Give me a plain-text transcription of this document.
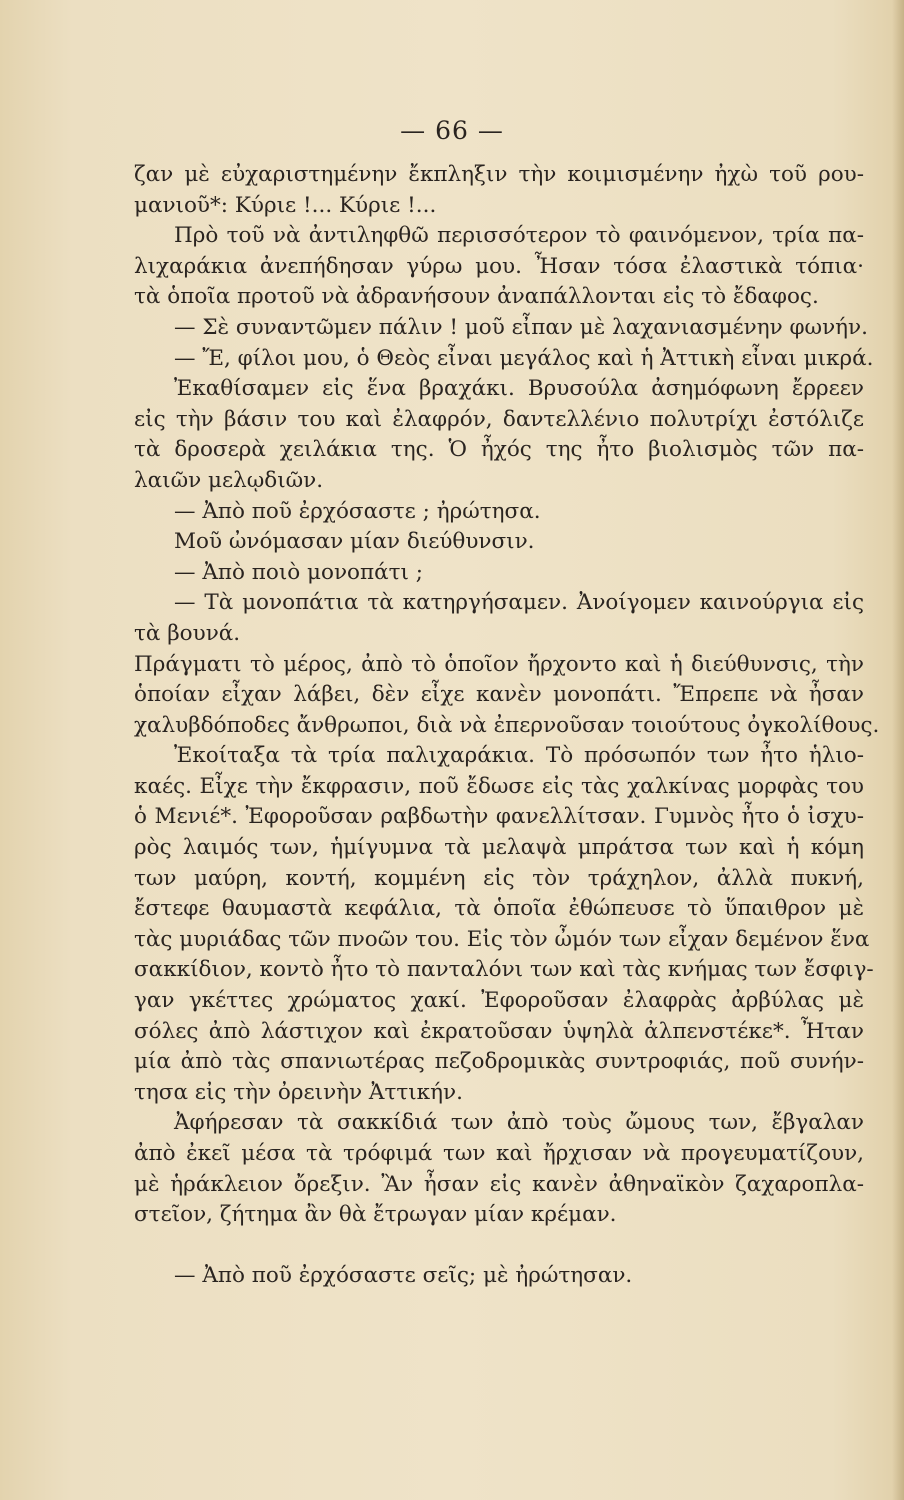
— 66 —
ζαν μὲ εὐχαριστημένην ἔκπληξιν τὴν κοιμισμένην ἠχὼ τοῦ ρου-
μανιοῦ*: Κύριε !... Κύριε !...
Πρὸ τοῦ νὰ ἀντιληφθῶ περισσότερον τὸ φαινόμενον, τρία πα-
λιχαράκια ἀνεπήδησαν γύρω μου. Ἦσαν τόσα ἐλαστικὰ τόπια·
τὰ ὁποῖα προτοῦ νὰ ἀδρανήσουν ἀναπάλλονται εἰς τὸ ἔδαφος.
— Σὲ συναντῶμεν πάλιν ! μοῦ εἶπαν μὲ λαχανιασμένην φωνήν.
— Ἔ, φίλοι μου, ὁ Θεὸς εἶναι μεγάλος καὶ ἡ Ἀττικὴ εἶναι μικρά.
Ἐκαθίσαμεν εἰς ἕνα βραχάκι. Βρυσούλα ἀσημόφωνη ἔρρεεν
εἰς τὴν βάσιν του καὶ ἐλαφρόν, δαντελλένιο πολυτρίχι ἐστόλιζε
τὰ δροσερὰ χειλάκια της. Ὁ ἦχός της ἦτο βιολισμὸς τῶν πα-
λαιῶν μελῳδιῶν.
— Ἀπὸ ποῦ ἐρχόσαστε ; ἠρώτησα.
Μοῦ ὠνόμασαν μίαν διεύθυνσιν.
— Ἀπὸ ποιὸ μονοπάτι ;
— Τὰ μονοπάτια τὰ κατηργήσαμεν. Ἀνοίγομεν καινούργια εἰς
τὰ βουνά.
Πράγματι τὸ μέρος, ἀπὸ τὸ ὁποῖον ἤρχοντο καὶ ἡ διεύθυνσις, τὴν
ὁποίαν εἶχαν λάβει, δὲν εἶχε κανὲν μονοπάτι. Ἔπρεπε νὰ ἦσαν
χαλυβδόποδες ἄνθρωποι, διὰ νὰ ἐπερνοῦσαν τοιούτους ὀγκολίθους.
Ἐκοίταξα τὰ τρία παλιχαράκια. Τὸ πρόσωπόν των ἦτο ἡλιο-
καές. Εἶχε τὴν ἔκφρασιν, ποῦ ἔδωσε εἰς τὰς χαλκίνας μορφὰς του
ὁ Μενιέ*. Ἐφοροῦσαν ραβδωτὴν φανελλίτσαν. Γυμνὸς ἦτο ὁ ἰσχυ-
ρὸς λαιμός των, ἡμίγυμνα τὰ μελαψὰ μπράτσα των καὶ ἡ κόμη
των μαύρη, κοντή, κομμένη εἰς τὸν τράχηλον, ἀλλὰ πυκνή,
ἔστεφε θαυμαστὰ κεφάλια, τὰ ὁποῖα ἐθώπευσε τὸ ὕπαιθρον μὲ
τὰς μυριάδας τῶν πνοῶν του. Εἰς τὸν ὦμόν των εἶχαν δεμένον ἕνα
σακκίδιον, κοντὸ ἦτο τὸ πανταλόνι των καὶ τὰς κνήμας των ἔσφιγ-
γαν γκέττες χρώματος χακί. Ἐφοροῦσαν ἐλαφρὰς ἀρβύλας μὲ
σόλες ἀπὸ λάστιχον καὶ ἐκρατοῦσαν ὑψηλὰ ἀλπενστέκε*. Ἦταν
μία ἀπὸ τὰς σπανιωτέρας πεζοδρομικὰς συντροφιάς, ποῦ συνήν-
τησα εἰς τὴν ὀρεινὴν Ἀττικήν.
Ἀφήρεσαν τὰ σακκίδιά των ἀπὸ τοὺς ὤμους των, ἔβγαλαν
ἀπὸ ἐκεῖ μέσα τὰ τρόφιμά των καὶ ἤρχισαν νὰ προγευματίζουν,
μὲ ἡράκλειον ὄρεξιν. Ἂν ἦσαν εἰς κανὲν ἀθηναϊκὸν ζαχαροπλα-
στεῖον, ζήτημα ἂν θὰ ἔτρωγαν μίαν κρέμαν.
— Ἀπὸ ποῦ ἐρχόσαστε σεῖς; μὲ ἠρώτησαν.
